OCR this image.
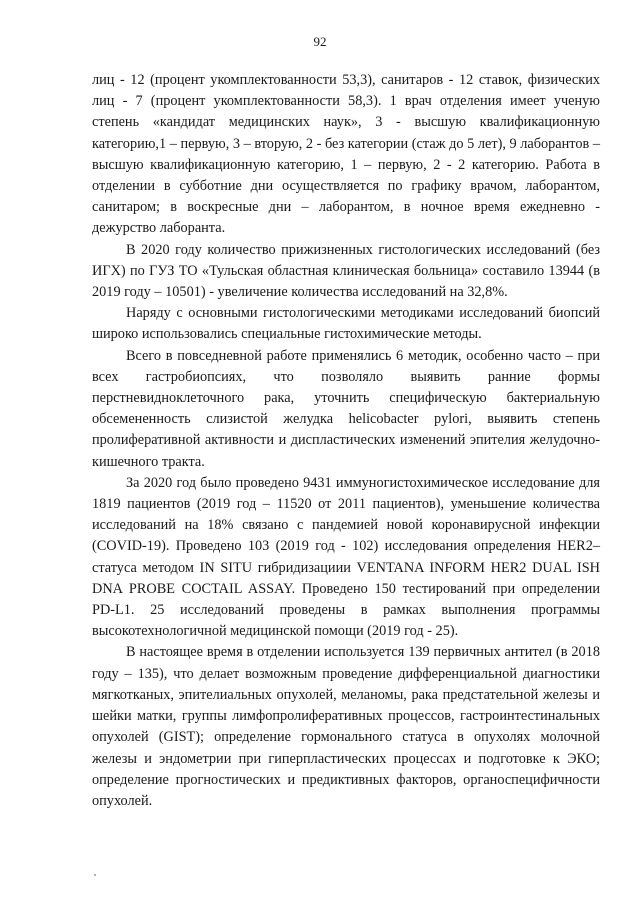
92

лиц - 12 (процент укомплектованности 53,3), санитаров - 12 ставок, физических лиц - 7 (процент укомплектованности 58,3). 1 врач отделения имеет ученую степень «кандидат медицинских наук», 3 - высшую квалификационную категорию,1 – первую, 3 – вторую, 2 - без категории (стаж до 5 лет), 9 лаборантов – высшую квалификационную категорию, 1 – первую, 2 - 2 категорию. Работа в отделении в субботние дни осуществляется по графику врачом, лаборантом, санитаром; в воскресные дни – лаборантом, в ночное время ежедневно - дежурство лаборанта.

В 2020 году количество прижизненных гистологических исследований (без ИГХ) по ГУЗ ТО «Тульская областная клиническая больница» составило 13944 (в 2019 году – 10501) - увеличение количества исследований на 32,8%.

Наряду с основными гистологическими методиками исследований биопсий широко использовались специальные гистохимические методы.

Всего в повседневной работе применялись 6 методик, особенно часто – при всех гастробиопсиях, что позволяло выявить ранние формы перстневидноклеточного рака, уточнить специфическую бактериальную обсемененность слизистой желудка helicobacter pylori, выявить степень пролиферативной активности и диспластических изменений эпителия желудочно-кишечного тракта.

За 2020 год было проведено 9431 иммуногистохимическое исследование для 1819 пациентов (2019 год – 11520 от 2011 пациентов), уменьшение количества исследований на 18% связано с пандемией новой коронавирусной инфекции (COVID-19). Проведено 103 (2019 год - 102) исследования определения HER2–статуса методом IN SITU гибридизациии VENTANA INFORM HER2 DUAL ISH DNA PROBE COCTAIL ASSAY. Проведено 150 тестирований при определении PD-L1. 25 исследований проведены в рамках выполнения программы высокотехнологичной медицинской помощи (2019 год - 25).

В настоящее время в отделении используется 139 первичных антител (в 2018 году – 135), что делает возможным проведение дифференциальной диагностики мягкотканых, эпителиальных опухолей, меланомы, рака предстательной железы и шейки матки, группы лимфопролиферативных процессов, гастроинтестинальных опухолей (GIST); определение гормонального статуса в опухолях молочной железы и эндометрии при гиперпластических процессах и подготовке к ЭКО; определение прогностических и предиктивных факторов, органоспецифичности опухолей.
